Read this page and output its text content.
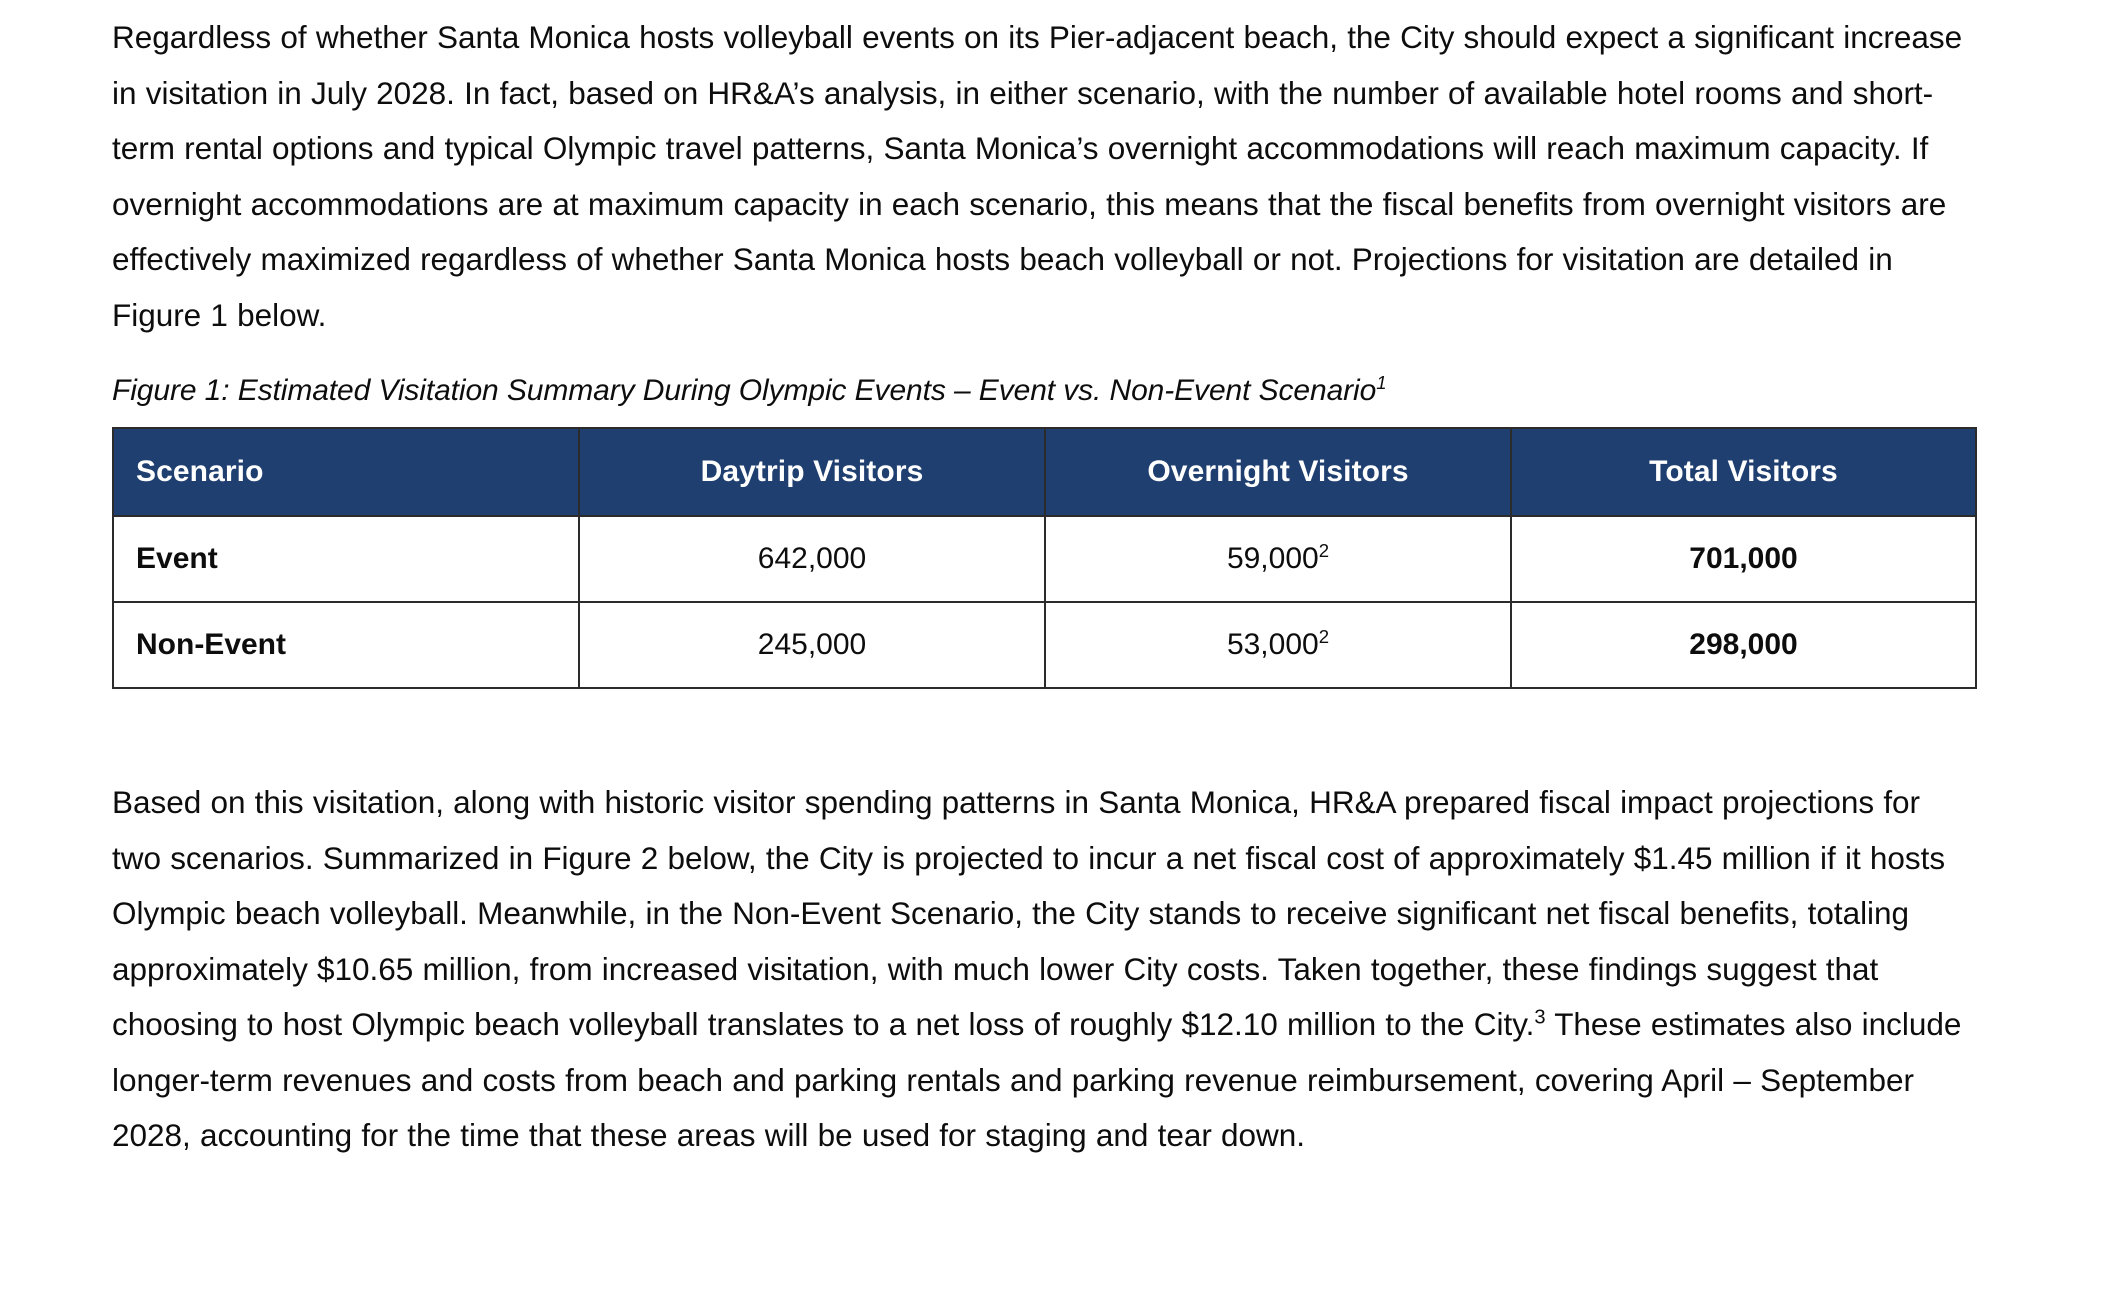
Regardless of whether Santa Monica hosts volleyball events on its Pier-adjacent beach, the City should expect a significant increase in visitation in July 2028. In fact, based on HR&A’s analysis, in either scenario, with the number of available hotel rooms and short-term rental options and typical Olympic travel patterns, Santa Monica’s overnight accommodations will reach maximum capacity. If overnight accommodations are at maximum capacity in each scenario, this means that the fiscal benefits from overnight visitors are effectively maximized regardless of whether Santa Monica hosts beach volleyball or not. Projections for visitation are detailed in Figure 1 below.

Figure 1: Estimated Visitation Summary During Olympic Events – Event vs. Non-Event Scenario$^1$

Scenario	Daytrip Visitors	Overnight Visitors	Total Visitors
Event	642,000	59,000$^2$	701,000
Non-Event	245,000	53,000$^2$	298,000

Based on this visitation, along with historic visitor spending patterns in Santa Monica, HR&A prepared fiscal impact projections for two scenarios. Summarized in Figure 2 below, the City is projected to incur a net fiscal cost of approximately $1.45 million if it hosts Olympic beach volleyball. Meanwhile, in the Non-Event Scenario, the City stands to receive significant net fiscal benefits, totaling approximately $10.65 million, from increased visitation, with much lower City costs. Taken together, these findings suggest that choosing to host Olympic beach volleyball translates to a net loss of roughly $12.10 million to the City.$^3$ These estimates also include longer-term revenues and costs from beach and parking rentals and parking revenue reimbursement, covering April – September 2028, accounting for the time that these areas will be used for staging and tear down.
